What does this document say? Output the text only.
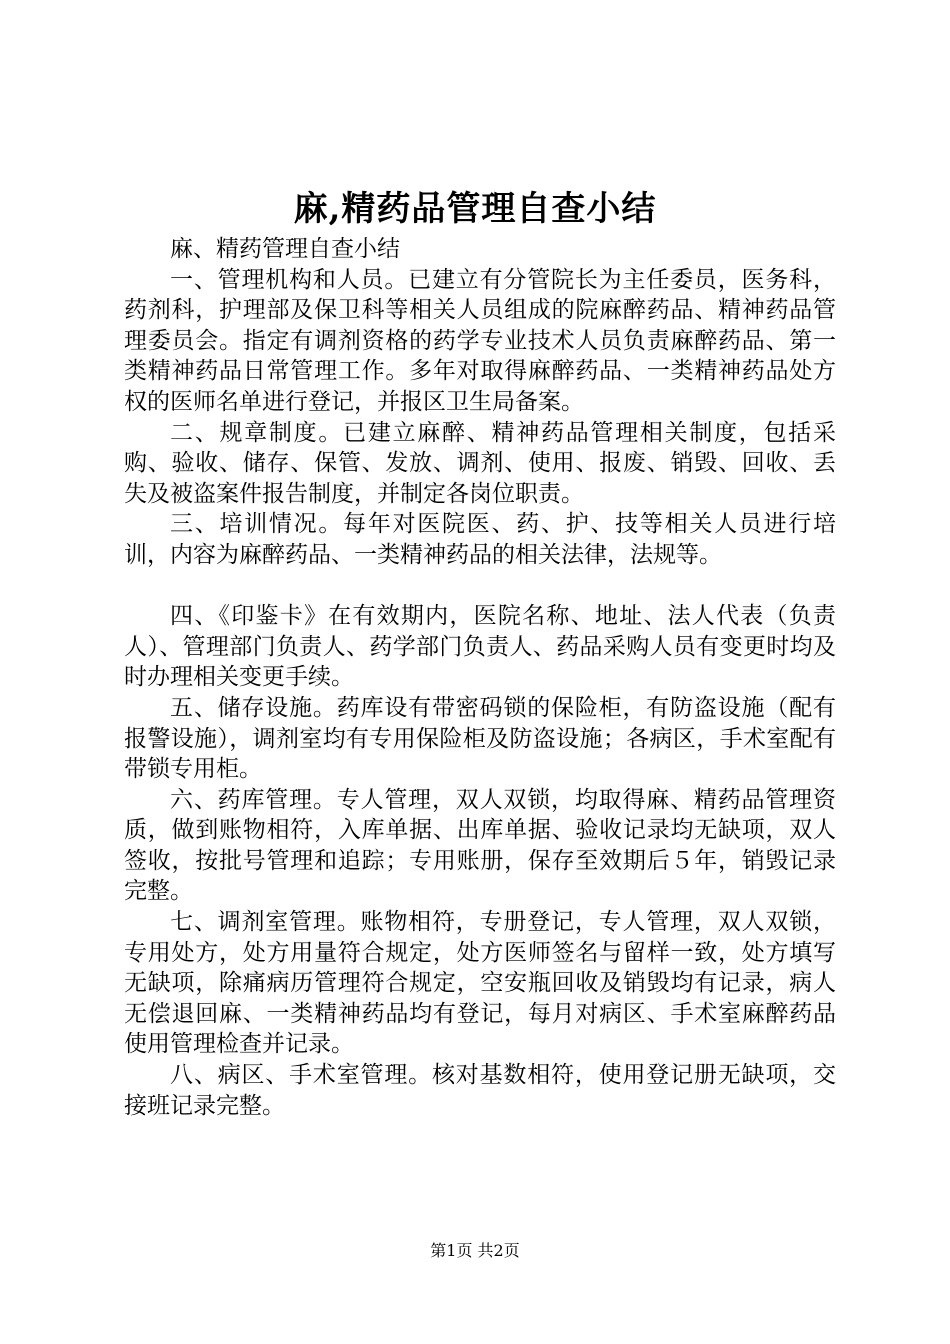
麻,精药品管理自查小结

麻、精药管理自查小结

一、管理机构和人员。已建立有分管院长为主任委员，医务科，药剂科，护理部及保卫科等相关人员组成的院麻醉药品、精神药品管理委员会。指定有调剂资格的药学专业技术人员负责麻醉药品、第一类精神药品日常管理工作。多年对取得麻醉药品、一类精神药品处方权的医师名单进行登记，并报区卫生局备案。

二、规章制度。已建立麻醉、精神药品管理相关制度，包括采购、验收、储存、保管、发放、调剂、使用、报废、销毁、回收、丢失及被盗案件报告制度，并制定各岗位职责。

三、培训情况。每年对医院医、药、护、技等相关人员进行培训，内容为麻醉药品、一类精神药品的相关法律，法规等。

四、《印鉴卡》在有效期内，医院名称、地址、法人代表（负责人）、管理部门负责人、药学部门负责人、药品采购人员有变更时均及时办理相关变更手续。

五、储存设施。药库设有带密码锁的保险柜，有防盗设施（配有报警设施），调剂室均有专用保险柜及防盗设施；各病区，手术室配有带锁专用柜。

六、药库管理。专人管理，双人双锁，均取得麻、精药品管理资质，做到账物相符，入库单据、出库单据、验收记录均无缺项，双人签收，按批号管理和追踪；专用账册，保存至效期后５年，销毁记录完整。

七、调剂室管理。账物相符，专册登记，专人管理，双人双锁，专用处方，处方用量符合规定，处方医师签名与留样一致，处方填写无缺项，除痛病历管理符合规定，空安瓶回收及销毁均有记录，病人无偿退回麻、一类精神药品均有登记，每月对病区、手术室麻醉药品使用管理检查并记录。

八、病区、手术室管理。核对基数相符，使用登记册无缺项，交接班记录完整。

第1页 共2页
